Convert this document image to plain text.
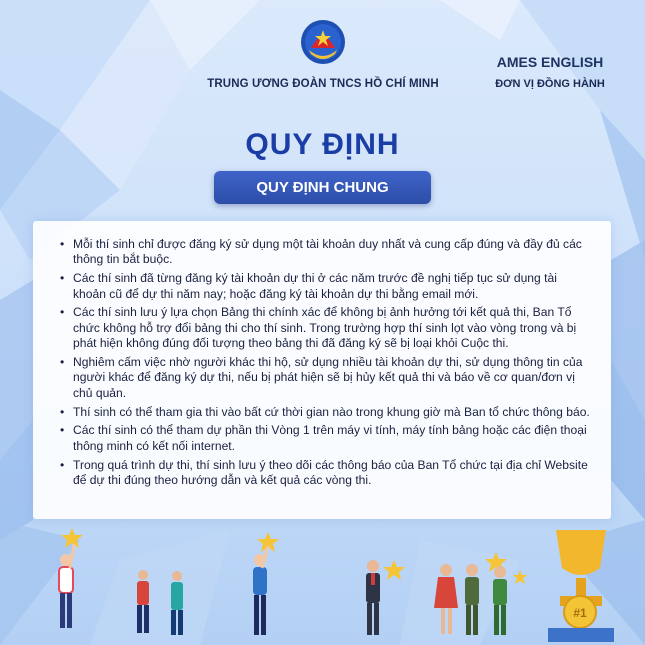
TRUNG ƯƠNG ĐOÀN TNCS HỒ CHÍ MINH
AMES ENGLISH
ĐƠN VỊ ĐỒNG HÀNH
QUY ĐỊNH
QUY ĐỊNH CHUNG
• Mỗi thí sinh chỉ được đăng ký sử dụng một tài khoản duy nhất và cung cấp đúng và đầy đủ các thông tin bắt buộc.
• Các thí sinh đã từng đăng ký tài khoản dự thi ở các năm trước đề nghị tiếp tục sử dụng tài khoản cũ để dự thi năm nay; hoặc đăng ký tài khoản dự thi bằng email mới.
• Các thí sinh lưu ý lựa chọn Bảng thi chính xác để không bị ảnh hưởng tới kết quả thi, Ban Tổ chức không hỗ trợ đổi bảng thi cho thí sinh. Trong trường hợp thí sinh lọt vào vòng trong và bị phát hiện không đúng đối tượng theo bảng thi đã đăng ký sẽ bị loại khỏi Cuộc thi.
• Nghiêm cấm việc nhờ người khác thi hộ, sử dụng nhiều tài khoản dự thi, sử dụng thông tin của người khác để đăng ký dự thi, nếu bị phát hiện sẽ bị hủy kết quả thi và báo về cơ quan/đơn vị chủ quản.
• Thí sinh có thể tham gia thi vào bất cứ thời gian nào trong khung giờ mà Ban tổ chức thông báo.
• Các thí sinh có thể tham dự phần thi Vòng 1 trên máy vi tính, máy tính bảng hoặc các điện thoại thông minh có kết nối internet.
• Trong quá trình dự thi, thí sinh lưu ý theo dõi các thông báo của Ban Tổ chức tại địa chỉ Website để dự thi đúng theo hướng dẫn và kết quả các vòng thi.
#1
